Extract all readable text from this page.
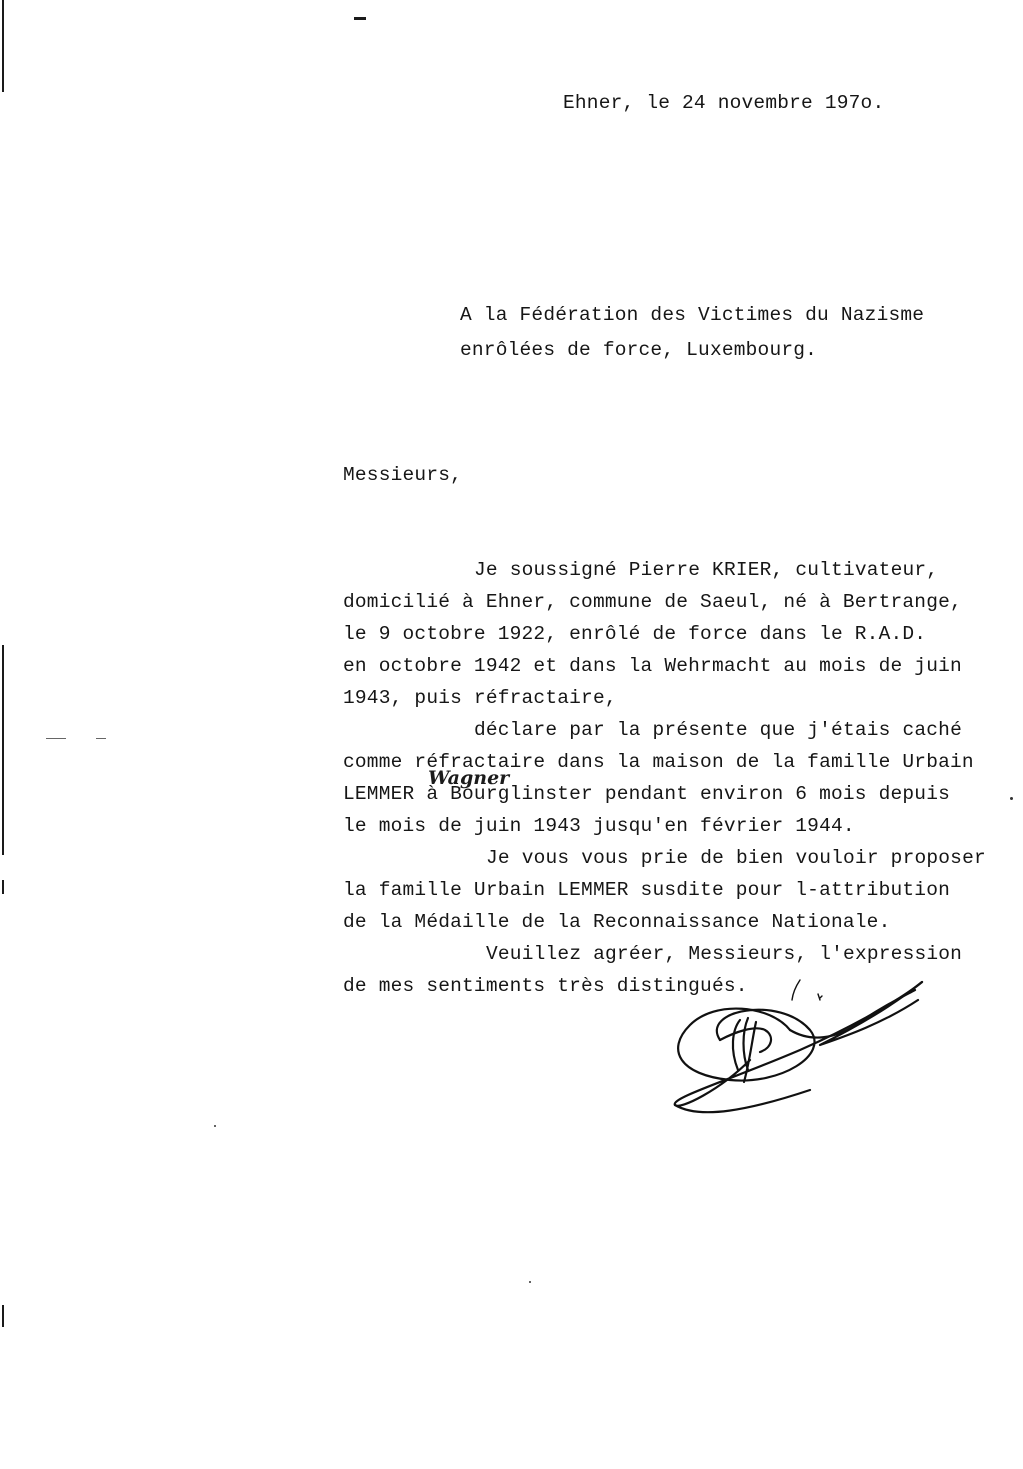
Ehner, le 24 novembre 197o.
A la Fédération des Victimes du Nazisme
enrôlées de force, Luxembourg.
Messieurs,
Je soussigné Pierre KRIER, cultivateur,
domicilié à Ehner, commune de Saeul, né à Bertrange,
le 9 octobre 1922, enrôlé de force dans le R.A.D.
en octobre 1942 et dans la Wehrmacht au mois de juin
1943, puis réfractaire,
déclare par la présente que j'étais caché
comme réfractaire dans la maison de la famille Urbain
Wagner
LEMMER à Bourglinster pendant environ 6 mois depuis
le mois de juin 1943 jusqu'en février 1944.
Je vous vous prie de bien vouloir proposer
la famille Urbain LEMMER susdite pour l-attribution
de la Médaille de la Reconnaissance Nationale.
Veuillez agréer, Messieurs, l'expression
de mes sentiments très distingués.
